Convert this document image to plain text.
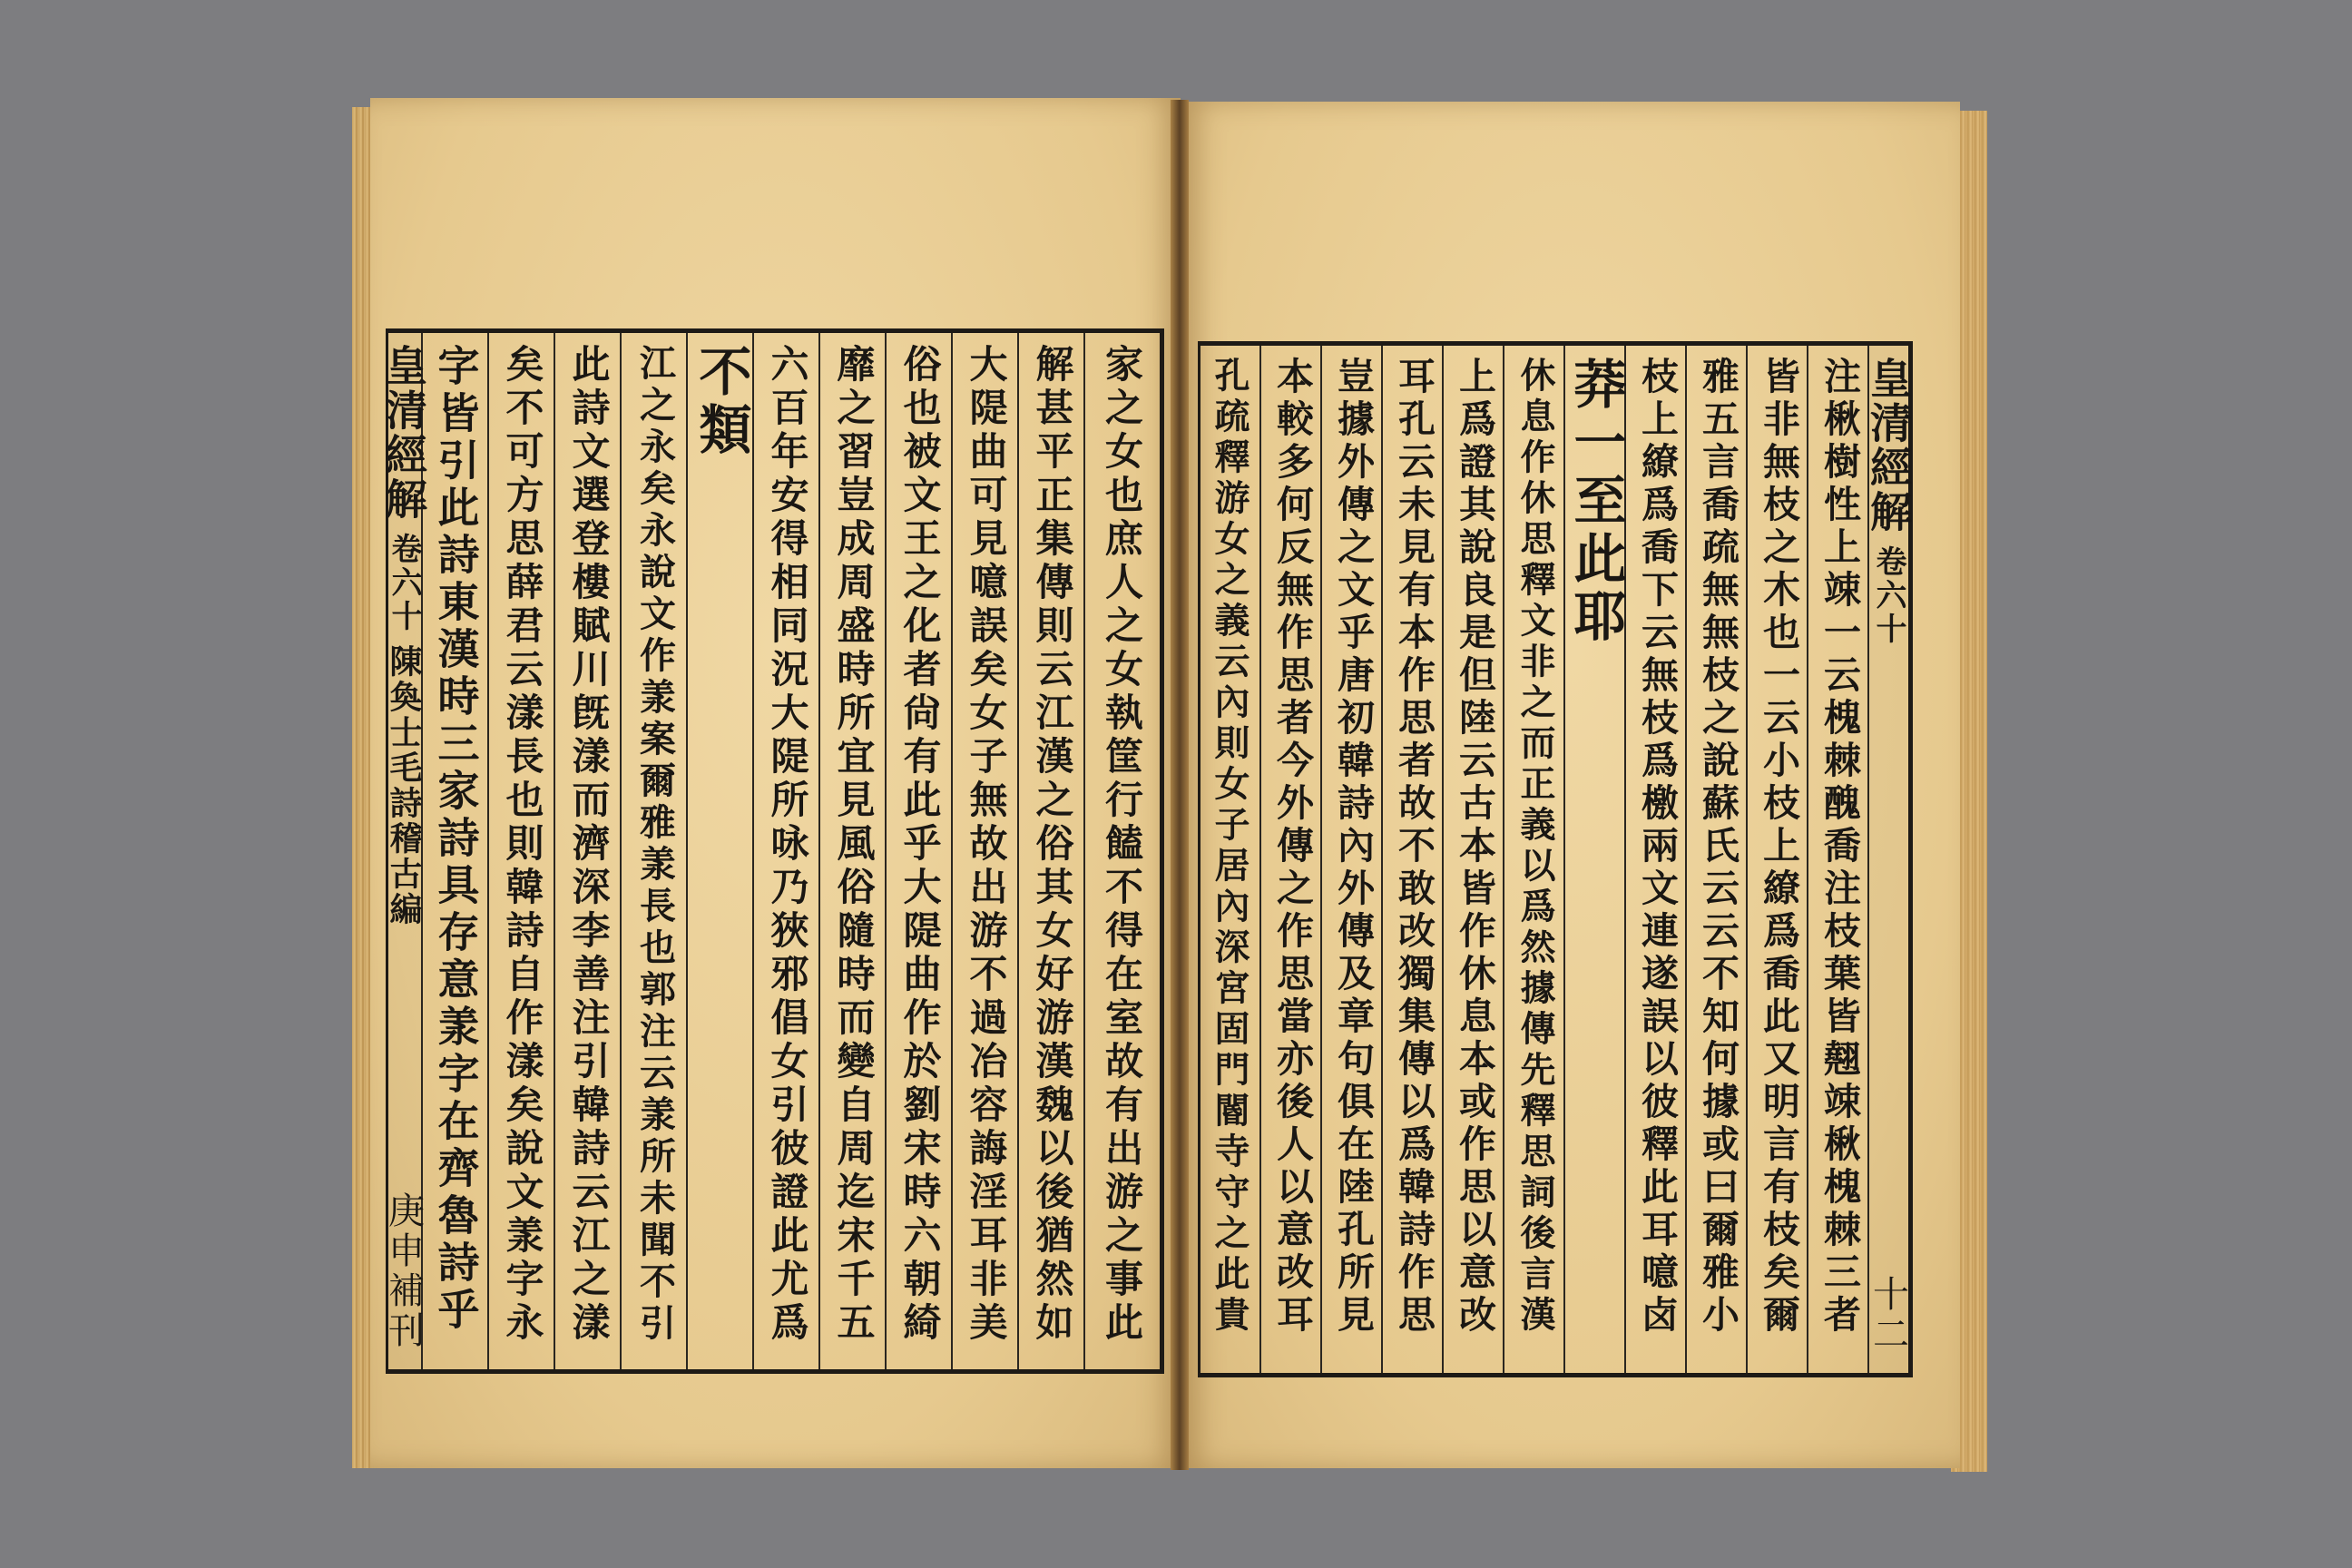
家之女也庶人之女執筐行饁不得在室故有出游之事此
解甚平正集傳則云江漢之俗其女好游漢魏以後猶然如
大隄曲可見噫誤矣女子無故出游不過冶容誨淫耳非美
俗也被文王之化者尙有此乎大隄曲作於劉宋時六朝綺
靡之習豈成周盛時所宜見風俗隨時而變自周迄宋千五
六百年安得相同況大隄所咏乃狹邪倡女引彼證此尤爲
不類
江之永矣永說文作羕案爾雅羕長也郭注云羕所未聞不引
此詩文選登樓賦川旣漾而濟深李善注引韓詩云江之漾
矣不可方思薛君云漾長也則韓詩自作漾矣說文羕字永
字皆引此詩東漢時三家詩具存意羕字在齊魯詩乎
皇清經解
卷六十
陳奐士毛詩稽古編
庚申補刊
皇清經解
卷六十
十二
注楸樹性上竦一云槐棘醜喬注枝葉皆翹竦楸槐棘三者
皆非無枝之木也一云小枝上繚爲喬此又明言有枝矣爾
雅五言喬疏無無枝之說蘇氏云云不知何據或曰爾雅小
枝上繚爲喬下云無枝爲檄兩文連遂誤以彼釋此耳噫卤
莽一至此耶
休息作休思釋文非之而正義以爲然據傳先釋思詞後言漢
上爲證其說良是但陸云古本皆作休息本或作思以意改
耳孔云未見有本作思者故不敢改獨集傳以爲韓詩作思
豈據外傳之文乎唐初韓詩內外傳及章句俱在陸孔所見
本較多何反無作思者今外傳之作思當亦後人以意改耳
孔疏釋游女之義云內則女子居內深宮固門閽寺守之此貴
